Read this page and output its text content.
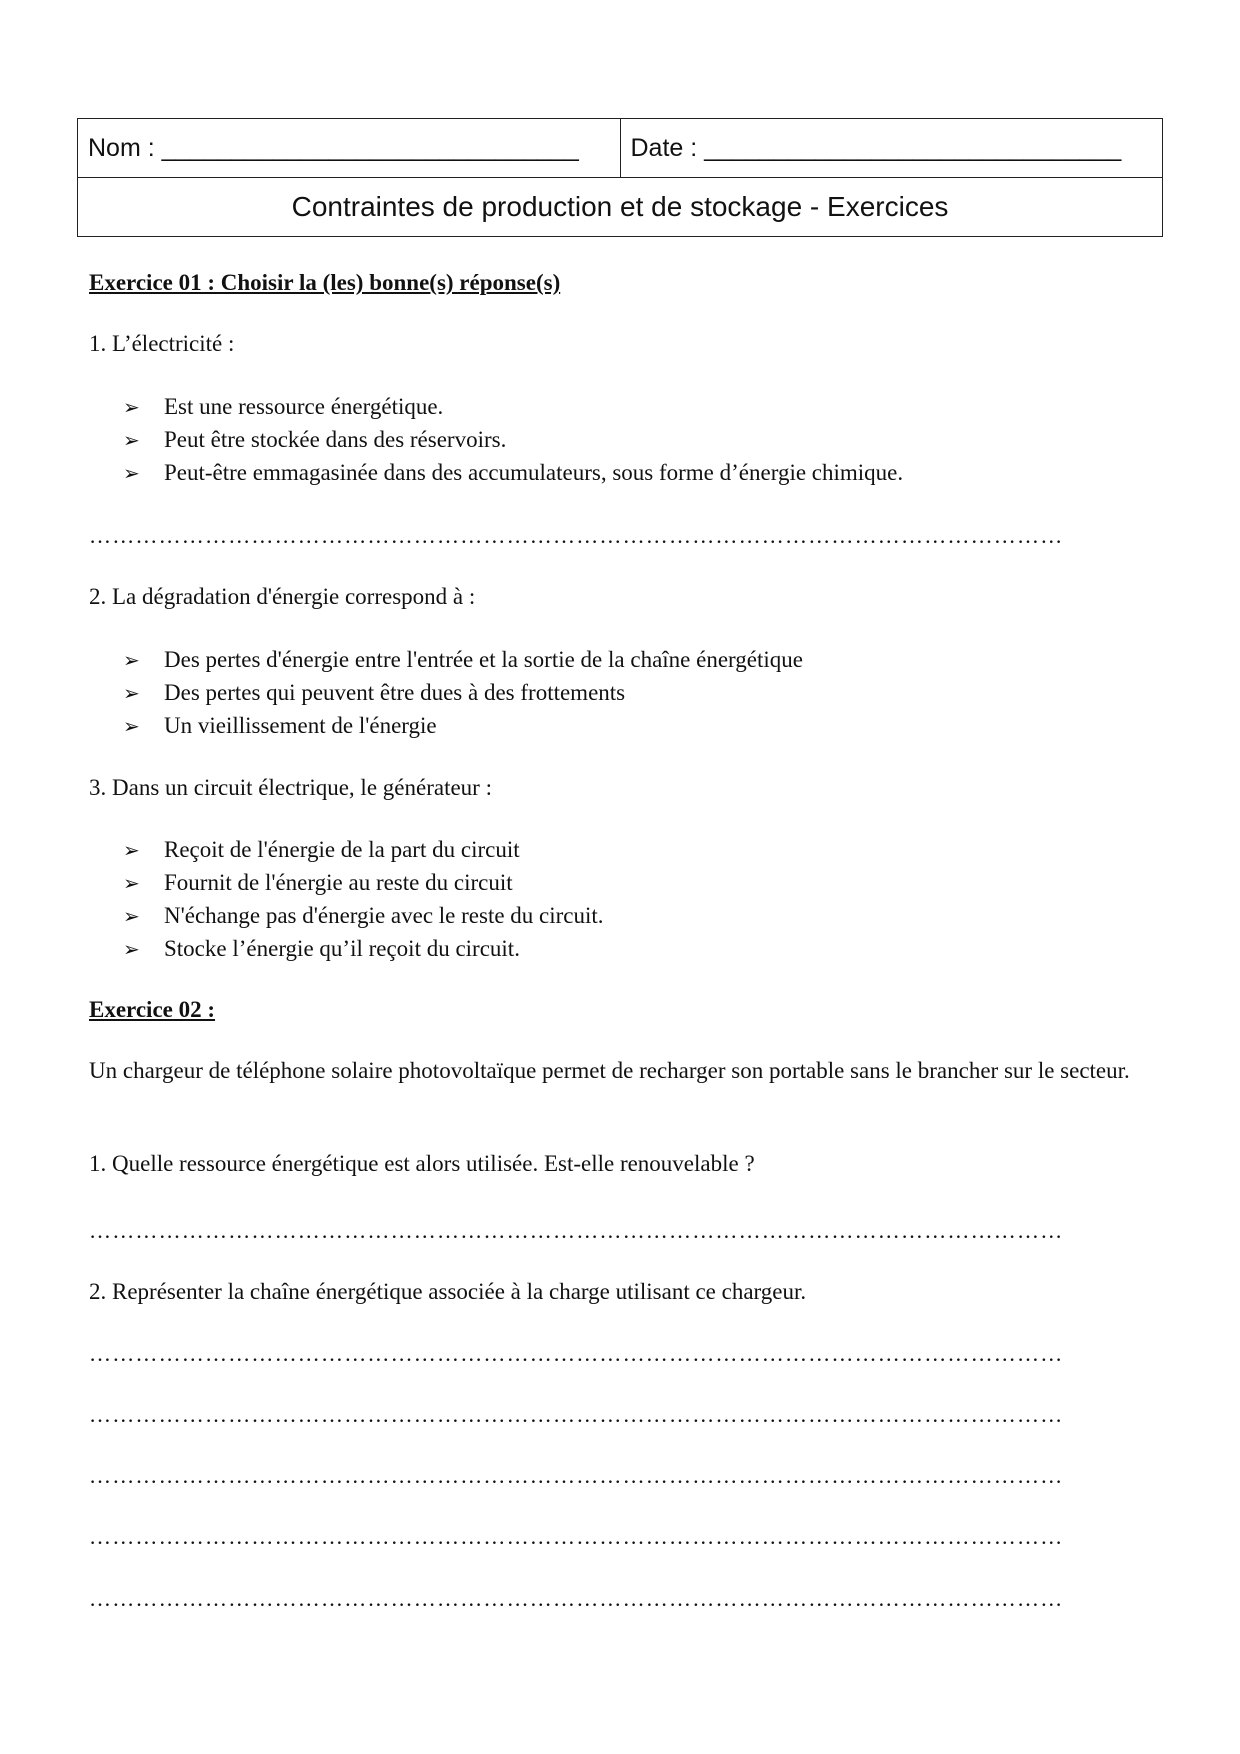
Nom : ______________________________	Date : ______________________________
Contraintes de production et de stockage - Exercices
Exercice 01 : Choisir la (les) bonne(s) réponse(s)
1. L’électricité :
➢ Est une ressource énergétique.
➢ Peut être stockée dans des réservoirs.
➢ Peut-être emmagasinée dans des accumulateurs, sous forme d’énergie chimique.
………………………………………………………………………………………………………………
2. La dégradation d'énergie correspond à :
➢ Des pertes d'énergie entre l'entrée et la sortie de la chaîne énergétique
➢ Des pertes qui peuvent être dues à des frottements
➢ Un vieillissement de l'énergie
3. Dans un circuit électrique, le générateur :
➢ Reçoit de l'énergie de la part du circuit
➢ Fournit de l'énergie au reste du circuit
➢ N'échange pas d'énergie avec le reste du circuit.
➢ Stocke l’énergie qu’il reçoit du circuit.
Exercice 02 :
Un chargeur de téléphone solaire photovoltaïque permet de recharger son portable sans le brancher sur le secteur.
1. Quelle ressource énergétique est alors utilisée. Est-elle renouvelable ?
………………………………………………………………………………………………………………
2. Représenter la chaîne énergétique associée à la charge utilisant ce chargeur.
………………………………………………………………………………………………………………
………………………………………………………………………………………………………………
………………………………………………………………………………………………………………
………………………………………………………………………………………………………………
………………………………………………………………………………………………………………
